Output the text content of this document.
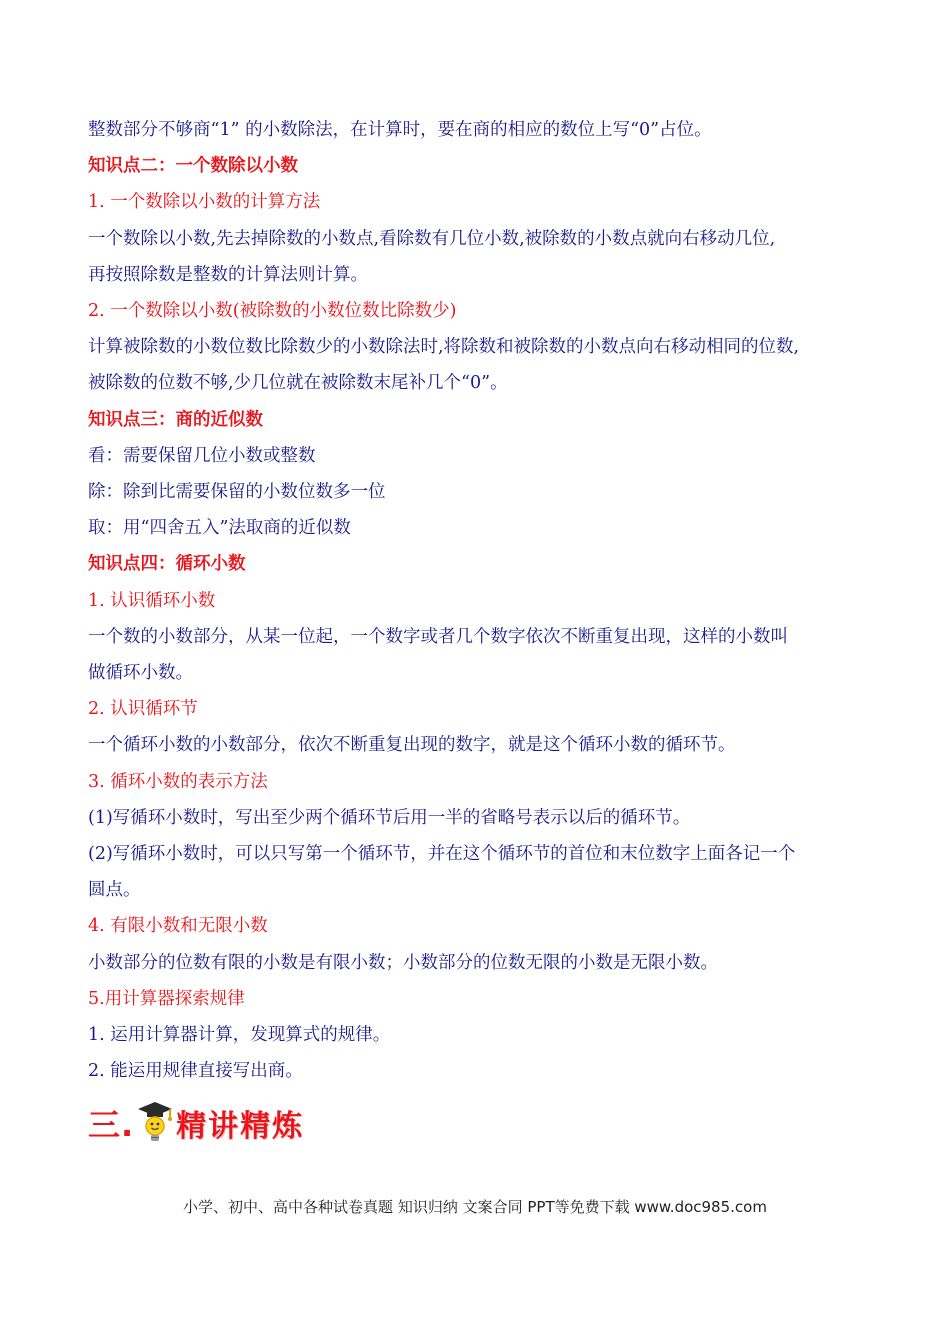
整数部分不够商“1” 的小数除法，在计算时，要在商的相应的数位上写“0”占位。
知识点二：一个数除以小数
1. 一个数除以小数的计算方法
一个数除以小数,先去掉除数的小数点,看除数有几位小数,被除数的小数点就向右移动几位,
再按照除数是整数的计算法则计算。
2. 一个数除以小数(被除数的小数位数比除数少)
计算被除数的小数位数比除数少的小数除法时,将除数和被除数的小数点向右移动相同的位数,
被除数的位数不够,少几位就在被除数末尾补几个“0”。
知识点三：商的近似数
看：需要保留几位小数或整数
除：除到比需要保留的小数位数多一位
取：用“四舍五入”法取商的近似数
知识点四：循环小数
1. 认识循环小数
一个数的小数部分，从某一位起，一个数字或者几个数字依次不断重复出现，这样的小数叫
做循环小数。
2. 认识循环节
一个循环小数的小数部分，依次不断重复出现的数字，就是这个循环小数的循环节。
3. 循环小数的表示方法
(1)写循环小数时，写出至少两个循环节后用一半的省略号表示以后的循环节。
(2)写循环小数时，可以只写第一个循环节，并在这个循环节的首位和末位数字上面各记一个
圆点。
4. 有限小数和无限小数
小数部分的位数有限的小数是有限小数；小数部分的位数无限的小数是无限小数。
5.用计算器探索规律
1. 运用计算器计算，发现算式的规律。
2. 能运用规律直接写出商。
三. 精讲精炼
小学、初中、高中各种试卷真题 知识归纳 文案合同 PPT等免费下载 www.doc985.com
